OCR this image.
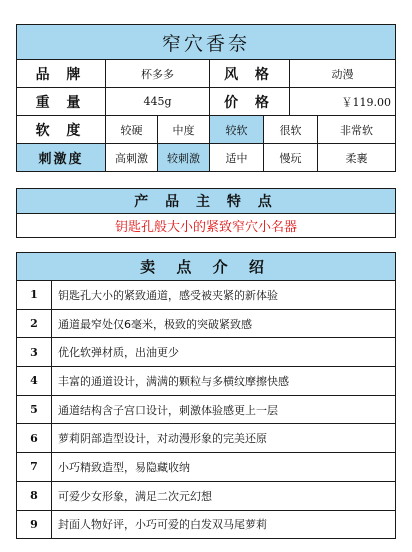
窄穴香奈
品 牌	杯多多	风 格	动漫
重 量	445g	价 格	￥119.00
软 度	较硬	中度	较软	很软	非常软
刺激度	高刺激	较刺激	适中	慢玩	柔裹
产 品 主 特 点
钥匙孔般大小的紧致窄穴小名器
卖 点 介 绍
1	钥匙孔大小的紧致通道，感受被夹紧的新体验
2	通道最窄处仅6毫米，极致的突破紧致感
3	优化软弹材质，出油更少
4	丰富的通道设计，满满的颗粒与多横纹摩擦快感
5	通道结构含子宫口设计，刺激体验感更上一层
6	萝莉阴部造型设计，对动漫形象的完美还原
7	小巧精致造型，易隐藏收纳
8	可爱少女形象，满足二次元幻想
9	封面人物好评，小巧可爱的白发双马尾萝莉
